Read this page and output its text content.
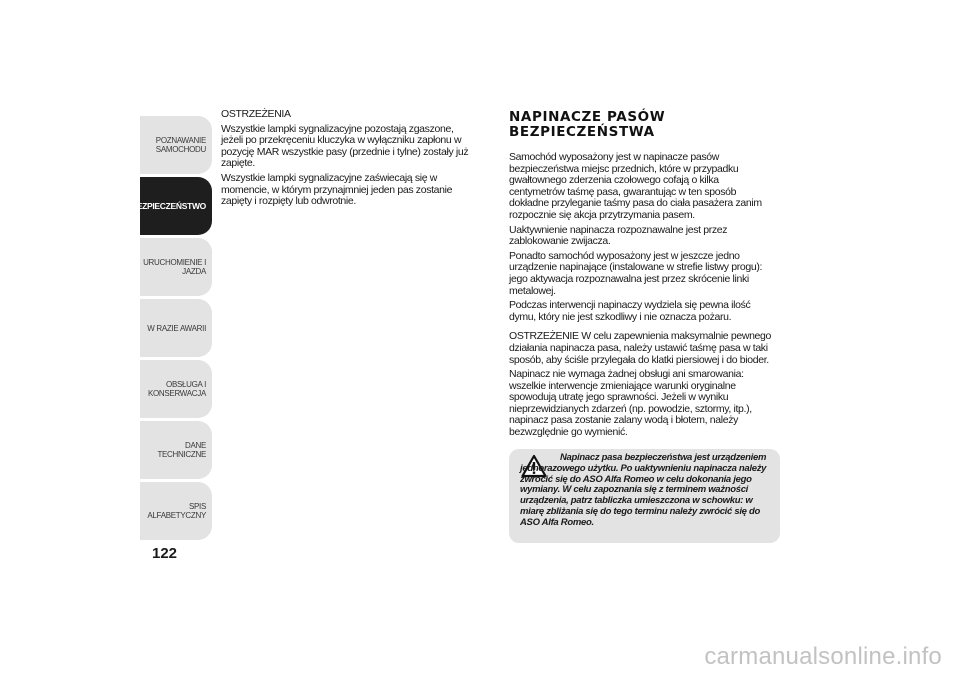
POZNAWANIE
SAMOCHODU
BEZPIECZEŃSTWO
URUCHOMIENIE I
JAZDA
W RAZIE AWARII
OBSŁUGA I
KONSERWACJA
DANE TECHNICZNE
SPIS ALFABETYCZNY
122

OSTRZEŻENIA

Wszystkie lampki sygnalizacyjne pozostają zgaszone, jeżeli po przekręceniu kluczyka w wyłączniku zapłonu w pozycję MAR wszystkie pasy (przednie i tylne) zostały już zapięte.

Wszystkie lampki sygnalizacyjne zaświecają się w momencie, w którym przynajmniej jeden pas zostanie zapięty i rozpięty lub odwrotnie.

NAPINACZE PASÓW
BEZPIECZEŃSTWA

Samochód wyposażony jest w napinacze pasów bezpieczeństwa miejsc przednich, które w przypadku gwałtownego zderzenia czołowego cofają o kilka centymetrów taśmę pasa, gwarantując w ten sposób dokładne przyleganie taśmy pasa do ciała pasażera zanim rozpocznie się akcja przytrzymania pasem.

Uaktywnienie napinacza rozpoznawalne jest przez zablokowanie zwijacza.

Ponadto samochód wyposażony jest w jeszcze jedno urządzenie napinające (instalowane w strefie listwy progu): jego aktywacja rozpoznawalna jest przez skrócenie linki metalowej.

Podczas interwencji napinaczy wydziela się pewna ilość dymu, który nie jest szkodliwy i nie oznacza pożaru.

OSTRZEŻENIE W celu zapewnienia maksymalnie pewnego działania napinacza pasa, należy ustawić taśmę pasa w taki sposób, aby ściśle przylegała do klatki piersiowej i do bioder.

Napinacz nie wymaga żadnej obsługi ani smarowania: wszelkie interwencje zmieniające warunki oryginalne spowodują utratę jego sprawności. Jeżeli w wyniku nieprzewidzianych zdarzeń (np. powodzie, sztormy, itp.), napinacz pasa zostanie zalany wodą i błotem, należy bezwzględnie go wymienić.

Napinacz pasa bezpieczeństwa jest urządzeniem jednorazowego użytku. Po uaktywnieniu napinacza należy zwrócić się do ASO Alfa Romeo w celu dokonania jego wymiany. W celu zapoznania się z terminem ważności urządzenia, patrz tabliczka umieszczona w schowku: w miarę zbliżania się do tego terminu należy zwrócić się do ASO Alfa Romeo.
carmanualsonline.info
